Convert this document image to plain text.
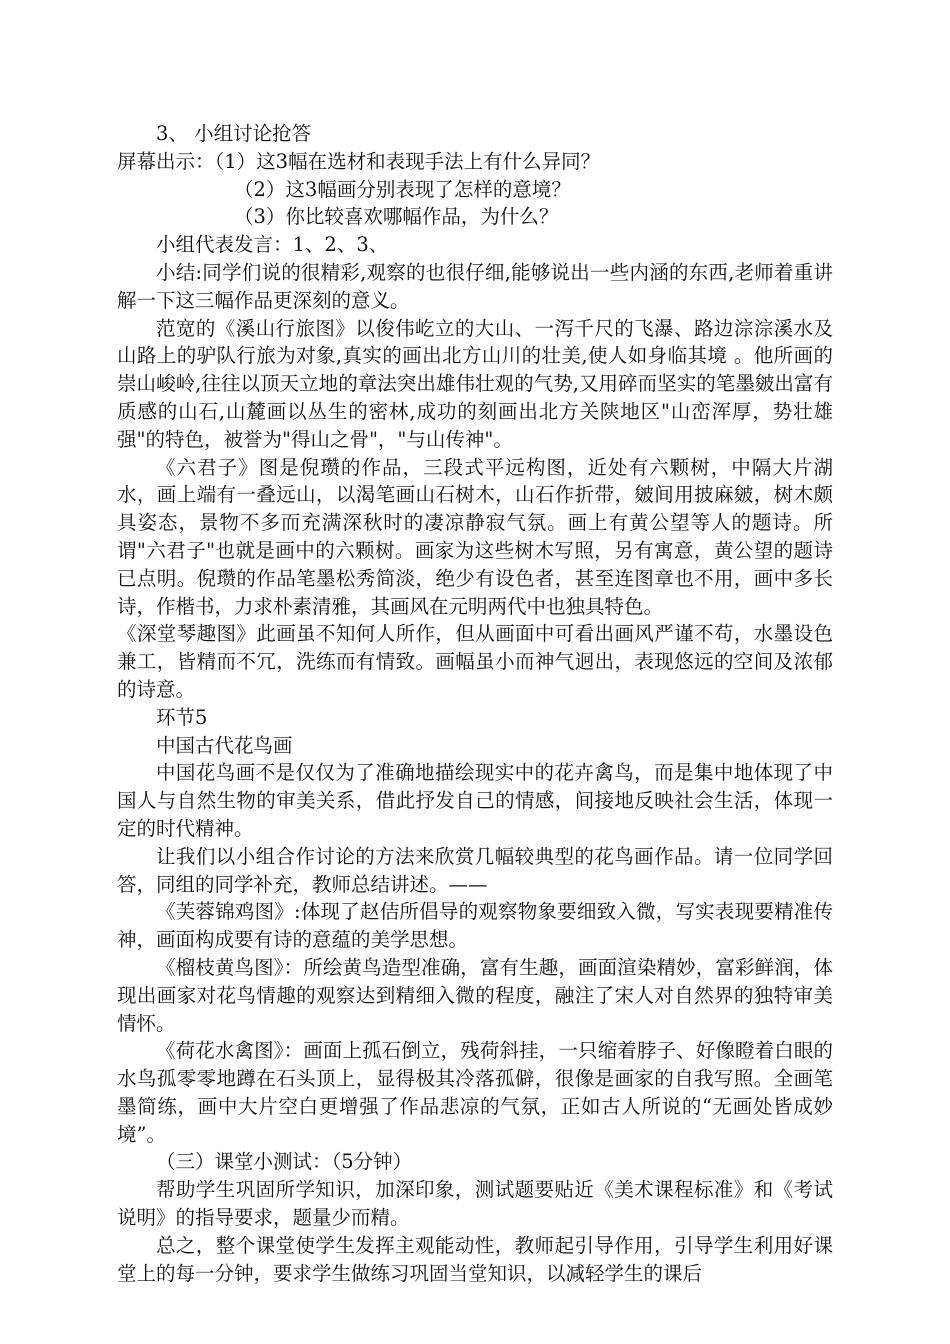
3、 小组讨论抢答

屏幕出示：（1）这3幅在选材和表现手法上有什么异同？

（2）这3幅画分别表现了怎样的意境？

（3）你比较喜欢哪幅作品，为什么？

小组代表发言：1、2、3、

小结:同学们说的很精彩,观察的也很仔细,能够说出一些内涵的东西,老师着重讲解一下这三幅作品更深刻的意义。

范宽的《溪山行旅图》以俊伟屹立的大山、一泻千尺的飞瀑、路边淙淙溪水及山路上的驴队行旅为对象,真实的画出北方山川的壮美,使人如身临其境 。他所画的崇山峻岭,往往以顶天立地的章法突出雄伟壮观的气势,又用碎而坚实的笔墨皴出富有质感的山石,山麓画以丛生的密林,成功的刻画出北方关陕地区"山峦浑厚，势壮雄强"的特色，被誉为"得山之骨"，"与山传神"。

《六君子》图是倪瓒的作品，三段式平远构图，近处有六颗树，中隔大片湖水，画上端有一叠远山，以渴笔画山石树木，山石作折带，皴间用披麻皴，树木颇具姿态，景物不多而充满深秋时的凄凉静寂气氛。画上有黄公望等人的题诗。所谓"六君子"也就是画中的六颗树。画家为这些树木写照，另有寓意，黄公望的题诗已点明。倪瓒的作品笔墨松秀简淡，绝少有设色者，甚至连图章也不用，画中多长诗，作楷书，力求朴素清雅，其画风在元明两代中也独具特色。

《深堂琴趣图》此画虽不知何人所作，但从画面中可看出画风严谨不苟，水墨设色兼工，皆精而不冗，洗练而有情致。画幅虽小而神气迥出，表现悠远的空间及浓郁的诗意。

环节5

中国古代花鸟画

中国花鸟画不是仅仅为了准确地描绘现实中的花卉禽鸟，而是集中地体现了中国人与自然生物的审美关系，借此抒发自己的情感，间接地反映社会生活，体现一定的时代精神。

让我们以小组合作讨论的方法来欣赏几幅较典型的花鸟画作品。请一位同学回答，同组的同学补充，教师总结讲述。——

《芙蓉锦鸡图》:体现了赵佶所倡导的观察物象要细致入微，写实表现要精准传神，画面构成要有诗的意蕴的美学思想。

《榴枝黄鸟图》：所绘黄鸟造型准确，富有生趣，画面渲染精妙，富彩鲜润，体现出画家对花鸟情趣的观察达到精细入微的程度，融注了宋人对自然界的独特审美情怀。

《荷花水禽图》：画面上孤石倒立，残荷斜挂，一只缩着脖子、好像瞪着白眼的水鸟孤零零地蹲在石头顶上，显得极其冷落孤僻，很像是画家的自我写照。全画笔墨简练，画中大片空白更增强了作品悲凉的气氛，正如古人所说的“无画处皆成妙境”。

（三）课堂小测试：（5分钟）

帮助学生巩固所学知识，加深印象，测试题要贴近《美术课程标准》和《考试说明》的指导要求，题量少而精。

总之，整个课堂使学生发挥主观能动性，教师起引导作用，引导学生利用好课堂上的每一分钟，要求学生做练习巩固当堂知识，以减轻学生的课后
